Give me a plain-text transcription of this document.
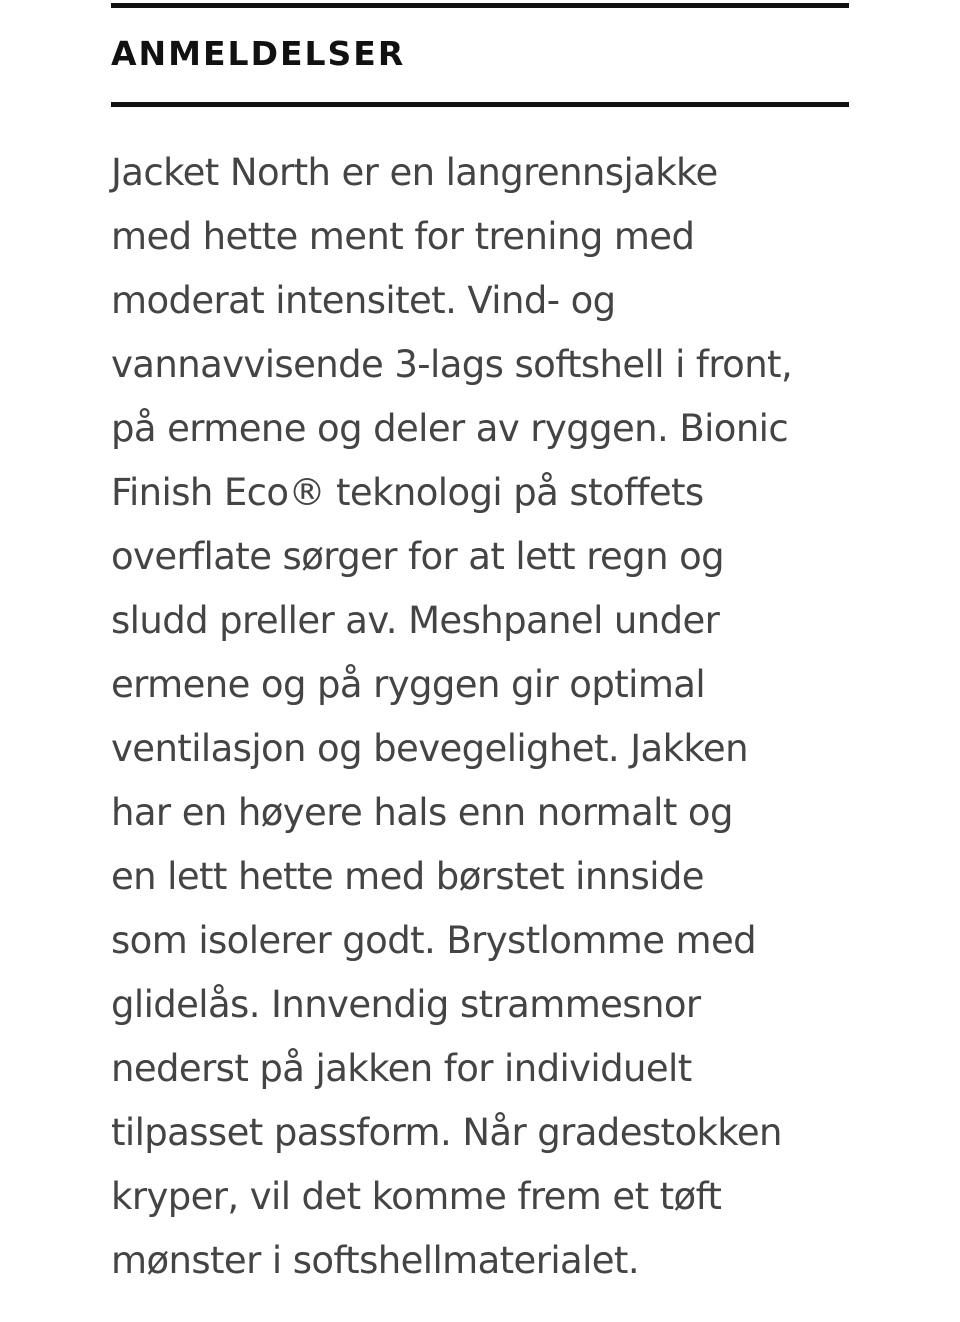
ANMELDELSER
Jacket North er en langrennsjakke
med hette ment for trening med
moderat intensitet. Vind- og
vannavvisende 3-lags softshell i front,
på ermene og deler av ryggen. Bionic
Finish Eco® teknologi på stoffets
overflate sørger for at lett regn og
sludd preller av. Meshpanel under
ermene og på ryggen gir optimal
ventilasjon og bevegelighet. Jakken
har en høyere hals enn normalt og
en lett hette med børstet innside
som isolerer godt. Brystlomme med
glidelås. Innvendig strammesnor
nederst på jakken for individuelt
tilpasset passform. Når gradestokken
kryper, vil det komme frem et tøft
mønster i softshellmaterialet.
